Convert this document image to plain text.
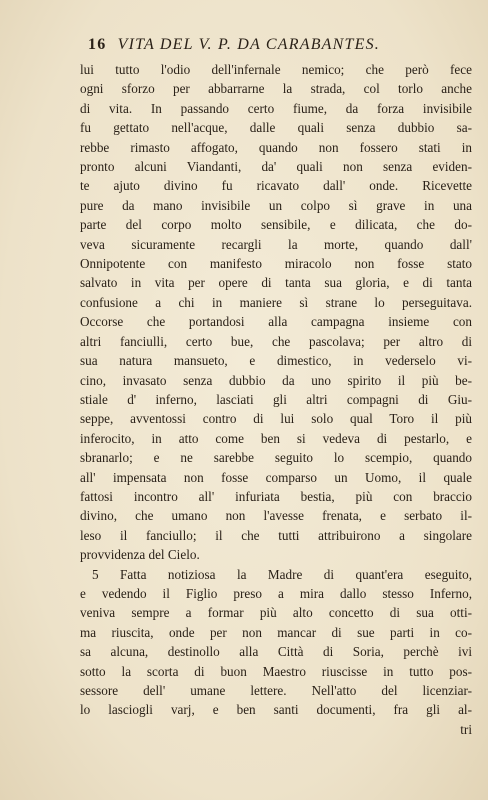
16 VITA DEL V. P. DA CARABANTES.
lui tutto l'odio dell'infernale nemico; che però fece
ogni sforzo per abbarrarne la strada, col torlo anche
di vita. In passando certo fiume, da forza invisibile
fu gettato nell'acque, dalle quali senza dubbio sa-
rebbe rimasto affogato, quando non fossero stati in
pronto alcuni Viandanti, da' quali non senza eviden-
te ajuto divino fu ricavato dall' onde. Ricevette
pure da mano invisibile un colpo sì grave in una
parte del corpo molto sensibile, e dilicata, che do-
veva sicuramente recargli la morte, quando dall'
Onnipotente con manifesto miracolo non fosse stato
salvato in vita per opere di tanta sua gloria, e di tanta
confusione a chi in maniere sì strane lo perseguitava.
Occorse che portandosi alla campagna insieme con
altri fanciulli, certo bue, che pascolava; per altro di
sua natura mansueto, e dimestico, in vederselo vi-
cino, invasato senza dubbio da uno spirito il più be-
stiale d' inferno, lasciati gli altri compagni di Giu-
seppe, avventossi contro di lui solo qual Toro il più
inferocito, in atto come ben si vedeva di pestarlo, e
sbranarlo; e ne sarebbe seguito lo scempio, quando
all' impensata non fosse comparso un Uomo, il quale
fattosi incontro all' infuriata bestia, più con braccio
divino, che umano non l'avesse frenata, e serbato il-
leso il fanciullo; il che tutti attribuirono a singolare
provvidenza del Cielo.
5 Fatta notiziosa la Madre di quant'era eseguito,
e vedendo il Figlio preso a mira dallo stesso Inferno,
veniva sempre a formar più alto concetto di sua otti-
ma riuscita, onde per non mancar di sue parti in co-
sa alcuna, destinollo alla Città di Soria, perchè ivi
sotto la scorta di buon Maestro riuscisse in tutto pos-
sessore dell' umane lettere. Nell'atto del licenziar-
lo lasciogli varj, e ben santi documenti, fra gli al-
tri
